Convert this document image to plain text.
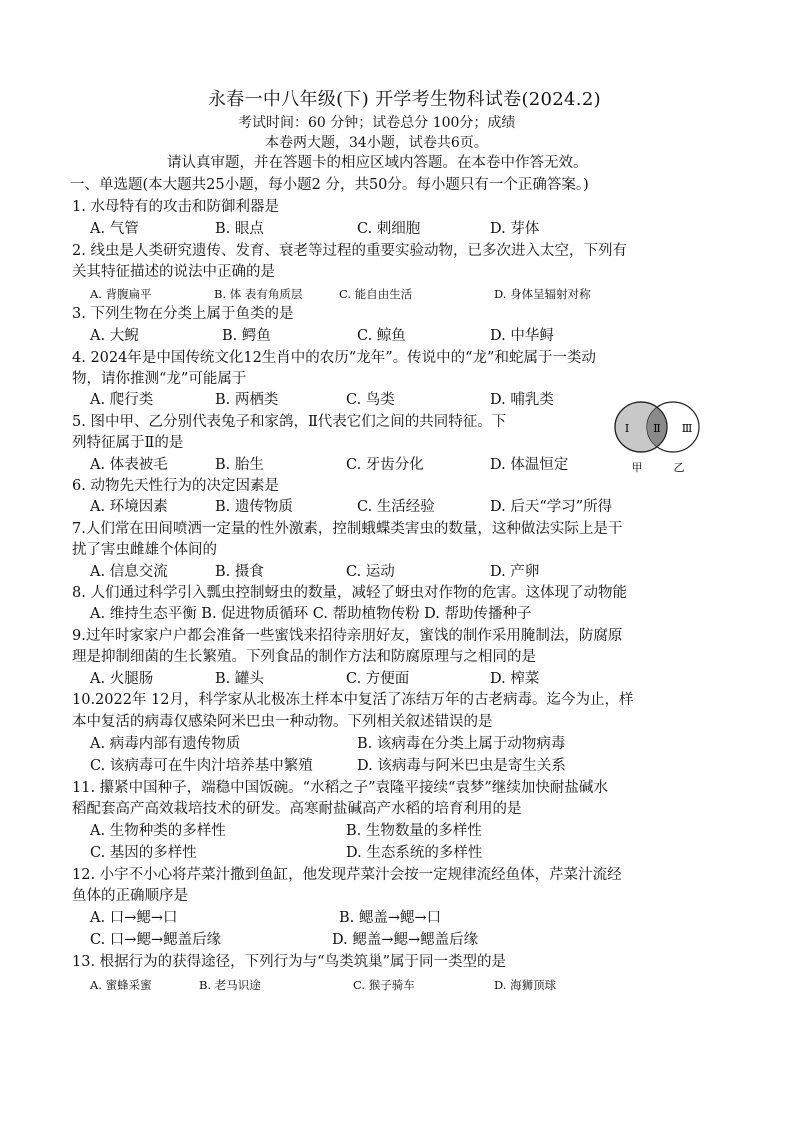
永春一中八年级(下) 开学考生物科试卷(2024.2)
考试时间：60 分钟；试卷总分 100分；成绩
本卷两大题，34小题，试卷共6页。
请认真审题，并在答题卡的相应区域内答题。在本卷中作答无效。
一、单选题(本大题共25小题，每小题2 分，共50分。每小题只有一个正确答案。)
1. 水母特有的攻击和防御利器是
A. 气管	B. 眼点	C. 刺细胞	D. 芽体
2. 线虫是人类研究遗传、发育、衰老等过程的重要实验动物，已多次进入太空，下列有
关其特征描述的说法中正确的是
A. 背腹扁平	B. 体 表有角质层	C. 能自由生活	D. 身体呈辐射对称
3. 下列生物在分类上属于鱼类的是
A. 大鲵	B. 鳄鱼	C. 鲸鱼	D. 中华鲟
4. 2024年是中国传统文化12生肖中的农历“龙年”。传说中的“龙”和蛇属于一类动
物，请你推测“龙”可能属于
A. 爬行类	B. 两栖类	C. 鸟类	D. 哺乳类
5. 图中甲、乙分别代表兔子和家鸽，Ⅱ代表它们之间的共同特征。下
列特征属于Ⅱ的是
A. 体表被毛	B. 胎生	C. 牙齿分化	D. 体温恒定
Ⅰ Ⅱ Ⅲ
甲	乙
6. 动物先天性行为的决定因素是
A. 环境因素	B. 遗传物质	C. 生活经验	D. 后天“学习”所得
7.人们常在田间喷洒一定量的性外激素，控制蛾蝶类害虫的数量，这种做法实际上是干
扰了害虫雌雄个体间的
A. 信息交流	B. 摄食	C. 运动	D. 产卵
8. 人们通过科学引入瓢虫控制蚜虫的数量，减轻了蚜虫对作物的危害。这体现了动物能
A. 维持生态平衡 B. 促进物质循环 C. 帮助植物传粉 D. 帮助传播种子
9.过年时家家户户都会准备一些蜜饯来招待亲朋好友，蜜饯的制作采用腌制法，防腐原
理是抑制细菌的生长繁殖。下列食品的制作方法和防腐原理与之相同的是
A. 火腿肠	B. 罐头	C. 方便面	D. 榨菜
10.2022年 12月，科学家从北极冻土样本中复活了冻结万年的古老病毒。迄今为止，样
本中复活的病毒仅感染阿米巴虫一种动物。下列相关叙述错误的是
A. 病毒内部有遗传物质	B. 该病毒在分类上属于动物病毒
C. 该病毒可在牛肉汁培养基中繁殖	D. 该病毒与阿米巴虫是寄生关系
11. 攥紧中国种子，端稳中国饭碗。“水稻之子”袁隆平接续“袁梦”继续加快耐盐碱水
稻配套高产高效栽培技术的研发。高寒耐盐碱高产水稻的培育利用的是
A. 生物种类的多样性	B. 生物数量的多样性
C. 基因的多样性	D. 生态系统的多样性
12. 小宇不小心将芹菜汁撒到鱼缸，他发现芹菜汁会按一定规律流经鱼体，芹菜汁流经
鱼体的正确顺序是
A. 口→鳃→口	B. 鳃盖→鳃→口
C. 口→鳃→鳃盖后缘	D. 鳃盖→鳃→鳃盖后缘
13. 根据行为的获得途径，下列行为与“鸟类筑巢”属于同一类型的是
A. 蜜蜂采蜜	B. 老马识途	C. 猴子骑车	D. 海狮顶球
